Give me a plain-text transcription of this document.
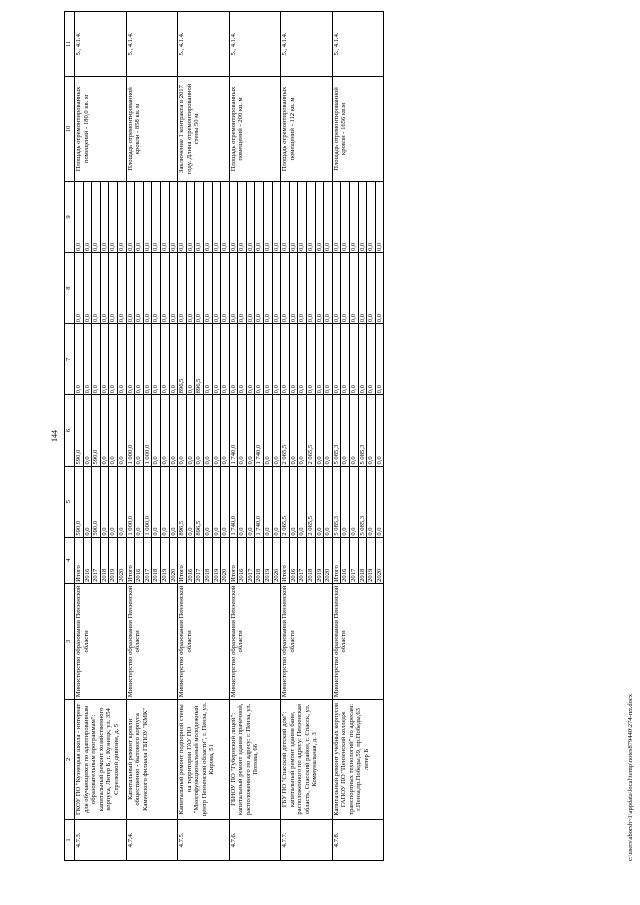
144
1	2	3	4	5	6	7	8	9	10	11
4.7.3.	ГКОУ ПО "Кузнецкая школа - интернат для обучающихся по адаптированным образовательным программам": капитальный ремонт хозяйственного корпуса, Литер Б, г. Кузнецк, ул. 354 Стрелковой дивизии, д. 5	Министерство образования Пензенской области	Итого	590,0	590,0	0,0	0,0	0,0	Площадь отремонтированных помещений - 180,0 кв. м	5., 4.1.4.
			2016	0,0	0,0	0,0	0,0	0,0		
			2017	590,0	590,0	0,0	0,0	0,0		
			2018	0,0	0,0	0,0	0,0	0,0		
			2019	0,0	0,0	0,0	0,0	0,0		
			2020	0,0	0,0	0,0	0,0	0,0		
4.7.4.	Капитальный ремонт кровли общественно - бытового корпуса Каменского филиала ГБПОУ "КМК"	Министерство образования Пензенской области	Итого	1 000,0	1 000,0	0,0	0,0	0,0	Площадь отремонтированной кровли - 858 кв. м	5., 4.1.4.
			2016	0,0	0,0	0,0	0,0	0,0		
			2017	1 000,0	1 000,0	0,0	0,0	0,0		
			2018	0,0	0,0	0,0	0,0	0,0		
			2019	0,0	0,0	0,0	0,0	0,0		
			2020	0,0	0,0	0,0	0,0	0,0		
4.7.5.	Капитальный ремонт подпорной стены на территории ГАУ ПО "Многофункциональный молодежный центр Пензенской области", г. Пенза, ул. Кирова, 51	Министерство образования Пензенской области	Итого	896,5	0,0	896,5	0,0	0,0	Заключение 1 контракта в 2017 году. Длина отремонтированной стены 50 м	5., 4.1.4.
			2016	0,0	0,0	0,0	0,0	0,0		
			2017	896,5	0,0	896,5	0,0	0,0		
			2018	0,0	0,0	0,0	0,0	0,0		
			2019	0,0	0,0	0,0	0,0	0,0		
			2020	0,0	0,0	0,0	0,0	0,0		
4.7.6.	ГБНОУ ПО "Губернский лицей": капитальный ремонт здания прачечной, расположенного по адресу: г. Пенза, ул. Попова, 66	Министерство образования Пензенской области	Итого	1 740,0	1 740,0	0,0	0,0	0,0	Площадь отремонтированных помещений - 200 кв. м	5., 4.1.4.
			2016	0,0	0,0	0,0	0,0	0,0		
			2017	0,0	0,0	0,0	0,0	0,0		
			2018	1 740,0	1 740,0	0,0	0,0	0,0		
			2019	0,0	0,0	0,0	0,0	0,0		
			2020	0,0	0,0	0,0	0,0	0,0		
4.7.7.	ГБУ ПО "Спасский детский дом": капитальный ремонт здания бани, расположенного по адресу: Пензенская область, Спасский район, г. Спасск, ул. Коммунальная, д. 3	Министерство образования Пензенской области	Итого	2 065,5	2 065,5	0,0	0,0	0,0	Площадь отремонтированных помещений - 112 кв. м	5., 4.1.4.
			2016	0,0	0,0	0,0	0,0	0,0		
			2017	0,0	0,0	0,0	0,0	0,0		
			2018	2 065,5	2 065,5	0,0	0,0	0,0		
			2019	0,0	0,0	0,0	0,0	0,0		
			2020	0,0	0,0	0,0	0,0	0,0		
4.7.8.	Капитальный ремонт учебных корпусов ГАПОУ ПО "Пензенский колледж транспортных технологий" по адресам: г.Пенза,пр.Победы,59, пр.Победы,63 литер Б	Министерство образования Пензенской области	Итого	5 085,3	5 085,3	0,0	0,0	0,0	Площадь отремонтированной кровли - 1656 кв.м	5., 4.1.4.
			2016	0,0	0,0	0,0	0,0	0,0		
			2017	0,0	0,0	0,0	0,0	0,0		
			2018	5 085,3	5 085,3	0,0	0,0	0,0		
			2019	0,0	0,0	0,0	0,0	0,0		
			2020	0,0	0,0	0,0	0,0	0,0		
c:\users\aborsh~1\appdata\local\temp\notes879440\274-пп.docx
